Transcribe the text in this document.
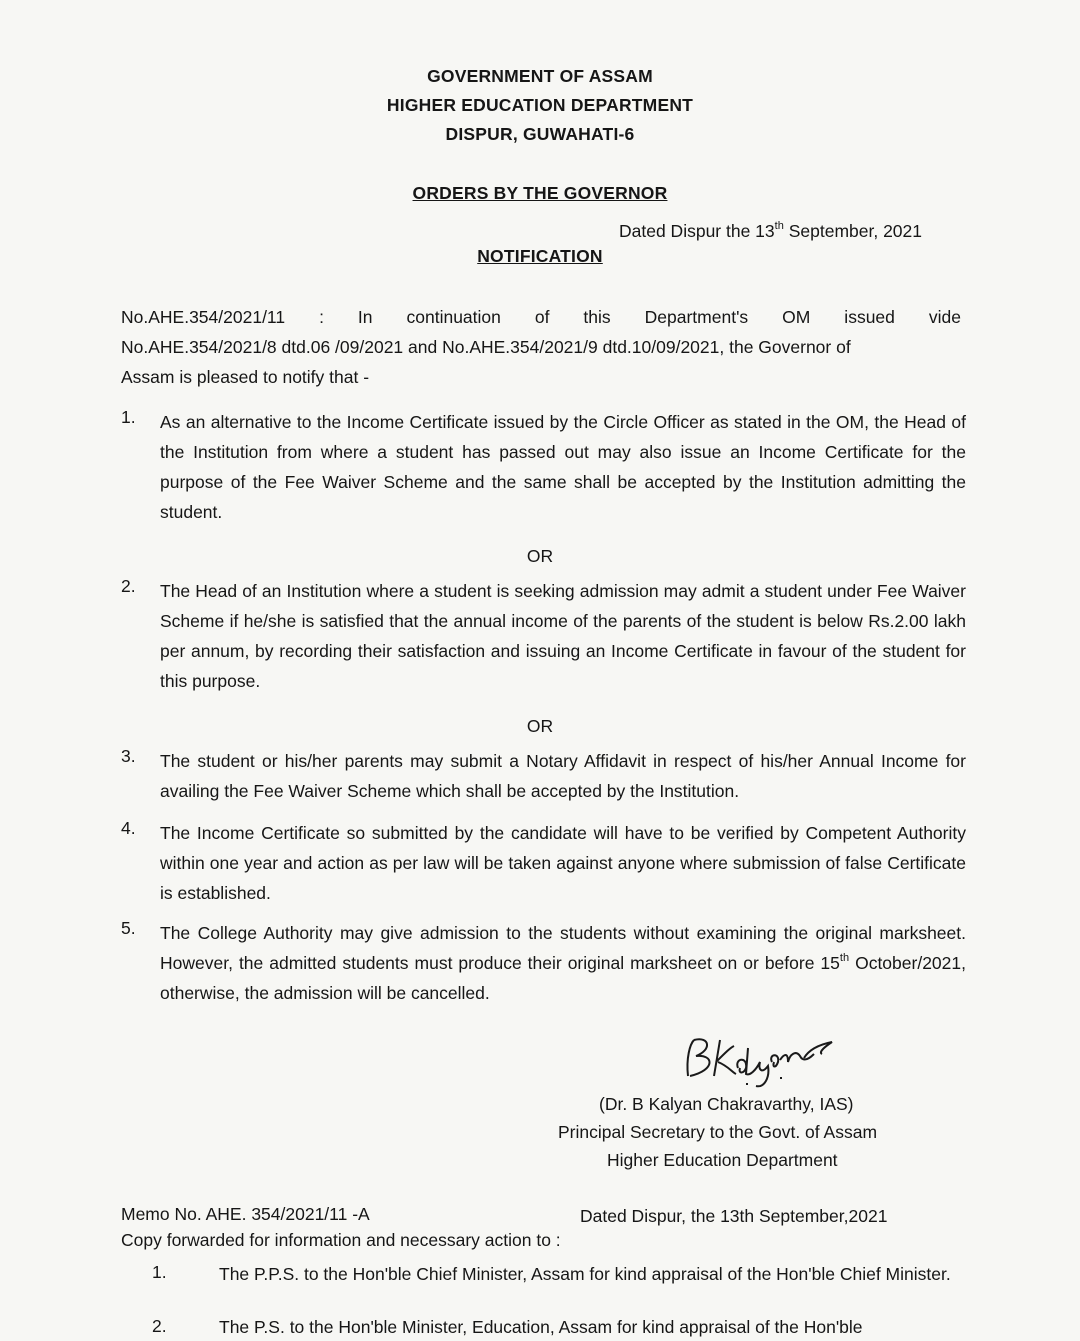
GOVERNMENT OF ASSAM
HIGHER EDUCATION DEPARTMENT
DISPUR, GUWAHATI-6
ORDERS BY THE GOVERNOR
Dated Dispur the 13th September, 2021
NOTIFICATION
No.AHE.354/2021/11 : In continuation of this Department's OM issued vide
No.AHE.354/2021/8 dtd.06 /09/2021 and No.AHE.354/2021/9 dtd.10/09/2021, the Governor of
Assam is pleased to notify that -
1. As an alternative to the Income Certificate issued by the Circle Officer as stated in the OM, the Head of the Institution from where a student has passed out may also issue an Income Certificate for the purpose of the Fee Waiver Scheme and the same shall be accepted by the Institution admitting the student.
OR
2. The Head of an Institution where a student is seeking admission may admit a student under Fee Waiver Scheme if he/she is satisfied that the annual income of the parents of the student is below Rs.2.00 lakh per annum, by recording their satisfaction and issuing an Income Certificate in favour of the student for this purpose.
OR
3. The student or his/her parents may submit a Notary Affidavit in respect of his/her Annual Income for availing the Fee Waiver Scheme which shall be accepted by the Institution.
4. The Income Certificate so submitted by the candidate will have to be verified by Competent Authority within one year and action as per law will be taken against anyone where submission of false Certificate is established.
5. The College Authority may give admission to the students without examining the original marksheet. However, the admitted students must produce their original marksheet on or before 15th October/2021, otherwise, the admission will be cancelled.
(Dr. B Kalyan Chakravarthy, IAS)
Principal Secretary to the Govt. of Assam
Higher Education Department
Memo No. AHE. 354/2021/11 -A	Dated Dispur, the 13th September,2021
Copy forwarded for information and necessary action to :
1.	The P.P.S. to the Hon'ble Chief Minister, Assam for kind appraisal of the Hon'ble Chief Minister.
2.	The P.S. to the Hon'ble Minister, Education, Assam for kind appraisal of the Hon'ble
